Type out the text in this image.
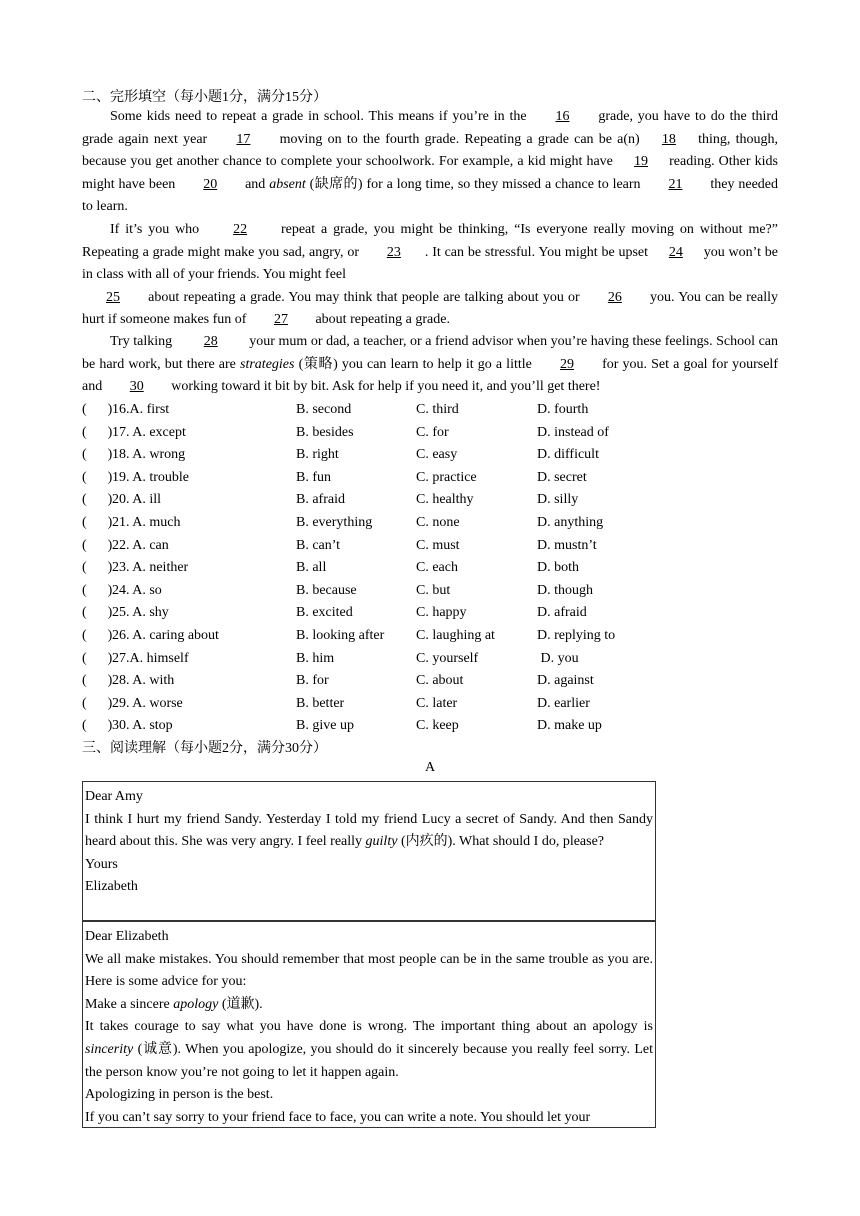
二、完形填空（每小题1分，满分15分）
Some kids need to repeat a grade in school. This means if you’re in the 16 grade, you have to do the third grade again next year 17 moving on to the fourth grade. Repeating a grade can be a(n) 18 thing, though, because you get another chance to complete your schoolwork. For example, a kid might have 19 reading. Other kids might have been 20 and absent (缺席的) for a long time, so they missed a chance to learn 21 they needed to learn.
If it’s you who 22 repeat a grade, you might be thinking, “Is everyone really moving on without me?” Repeating a grade might make you sad, angry, or 23 . It can be stressful. You might be upset 24 you won’t be in class with all of your friends. You might feel
25 about repeating a grade. You may think that people are talking about you or 26 you. You can be really hurt if someone makes fun of 27 about repeating a grade.
Try talking 28 your mum or dad, a teacher, or a friend advisor when you’re having these feelings. School can be hard work, but there are strategies (策略) you can learn to help it go a little 29 for you. Set a goal for yourself and 30 working toward it bit by bit. Ask for help if you need it, and you’ll get there!
(      ) 16.A. first	B. second	C. third	D. fourth
(      ) 17. A. except	B. besides	C. for	D. instead of
(      ) 18. A. wrong	B. right	C. easy	D. difficult
(      ) 19. A. trouble	B. fun	C. practice	D. secret
(      ) 20. A. ill	B. afraid	C. healthy	D. silly
(      ) 21. A. much	B. everything	C. none	D. anything
(      ) 22. A. can	B. can’t	C. must	D. mustn’t
(      ) 23. A. neither	B. all	C. each	D. both
(      ) 24. A. so	B. because	C. but	D. though
(      ) 25. A. shy	B. excited	C. happy	D. afraid
(      ) 26. A. caring about	B. looking after	C. laughing at	D. replying to
(      ) 27.A. himself	B. him	C. yourself	D. you
(      ) 28. A. with	B. for	C. about	D. against
(      ) 29. A. worse	B. better	C. later	D. earlier
(      ) 30. A. stop	B. give up	C. keep	D. make up
三、阅读理解（每小题2分，满分30分）
A
Dear Amy
I think I hurt my friend Sandy. Yesterday I told my friend Lucy a secret of Sandy. And then Sandy heard about this. She was very angry. I feel really guilty (内疚的). What should I do, please?
Yours
Elizabeth
Dear Elizabeth
We all make mistakes. You should remember that most people can be in the same trouble as you are. Here is some advice for you:
Make a sincere apology (道歉).
It takes courage to say what you have done is wrong. The important thing about an apology is sincerity (诚意). When you apologize, you should do it sincerely because you really feel sorry. Let the person know you’re not going to let it happen again.
Apologizing in person is the best.
If you can’t say sorry to your friend face to face, you can write a note. You should let your
